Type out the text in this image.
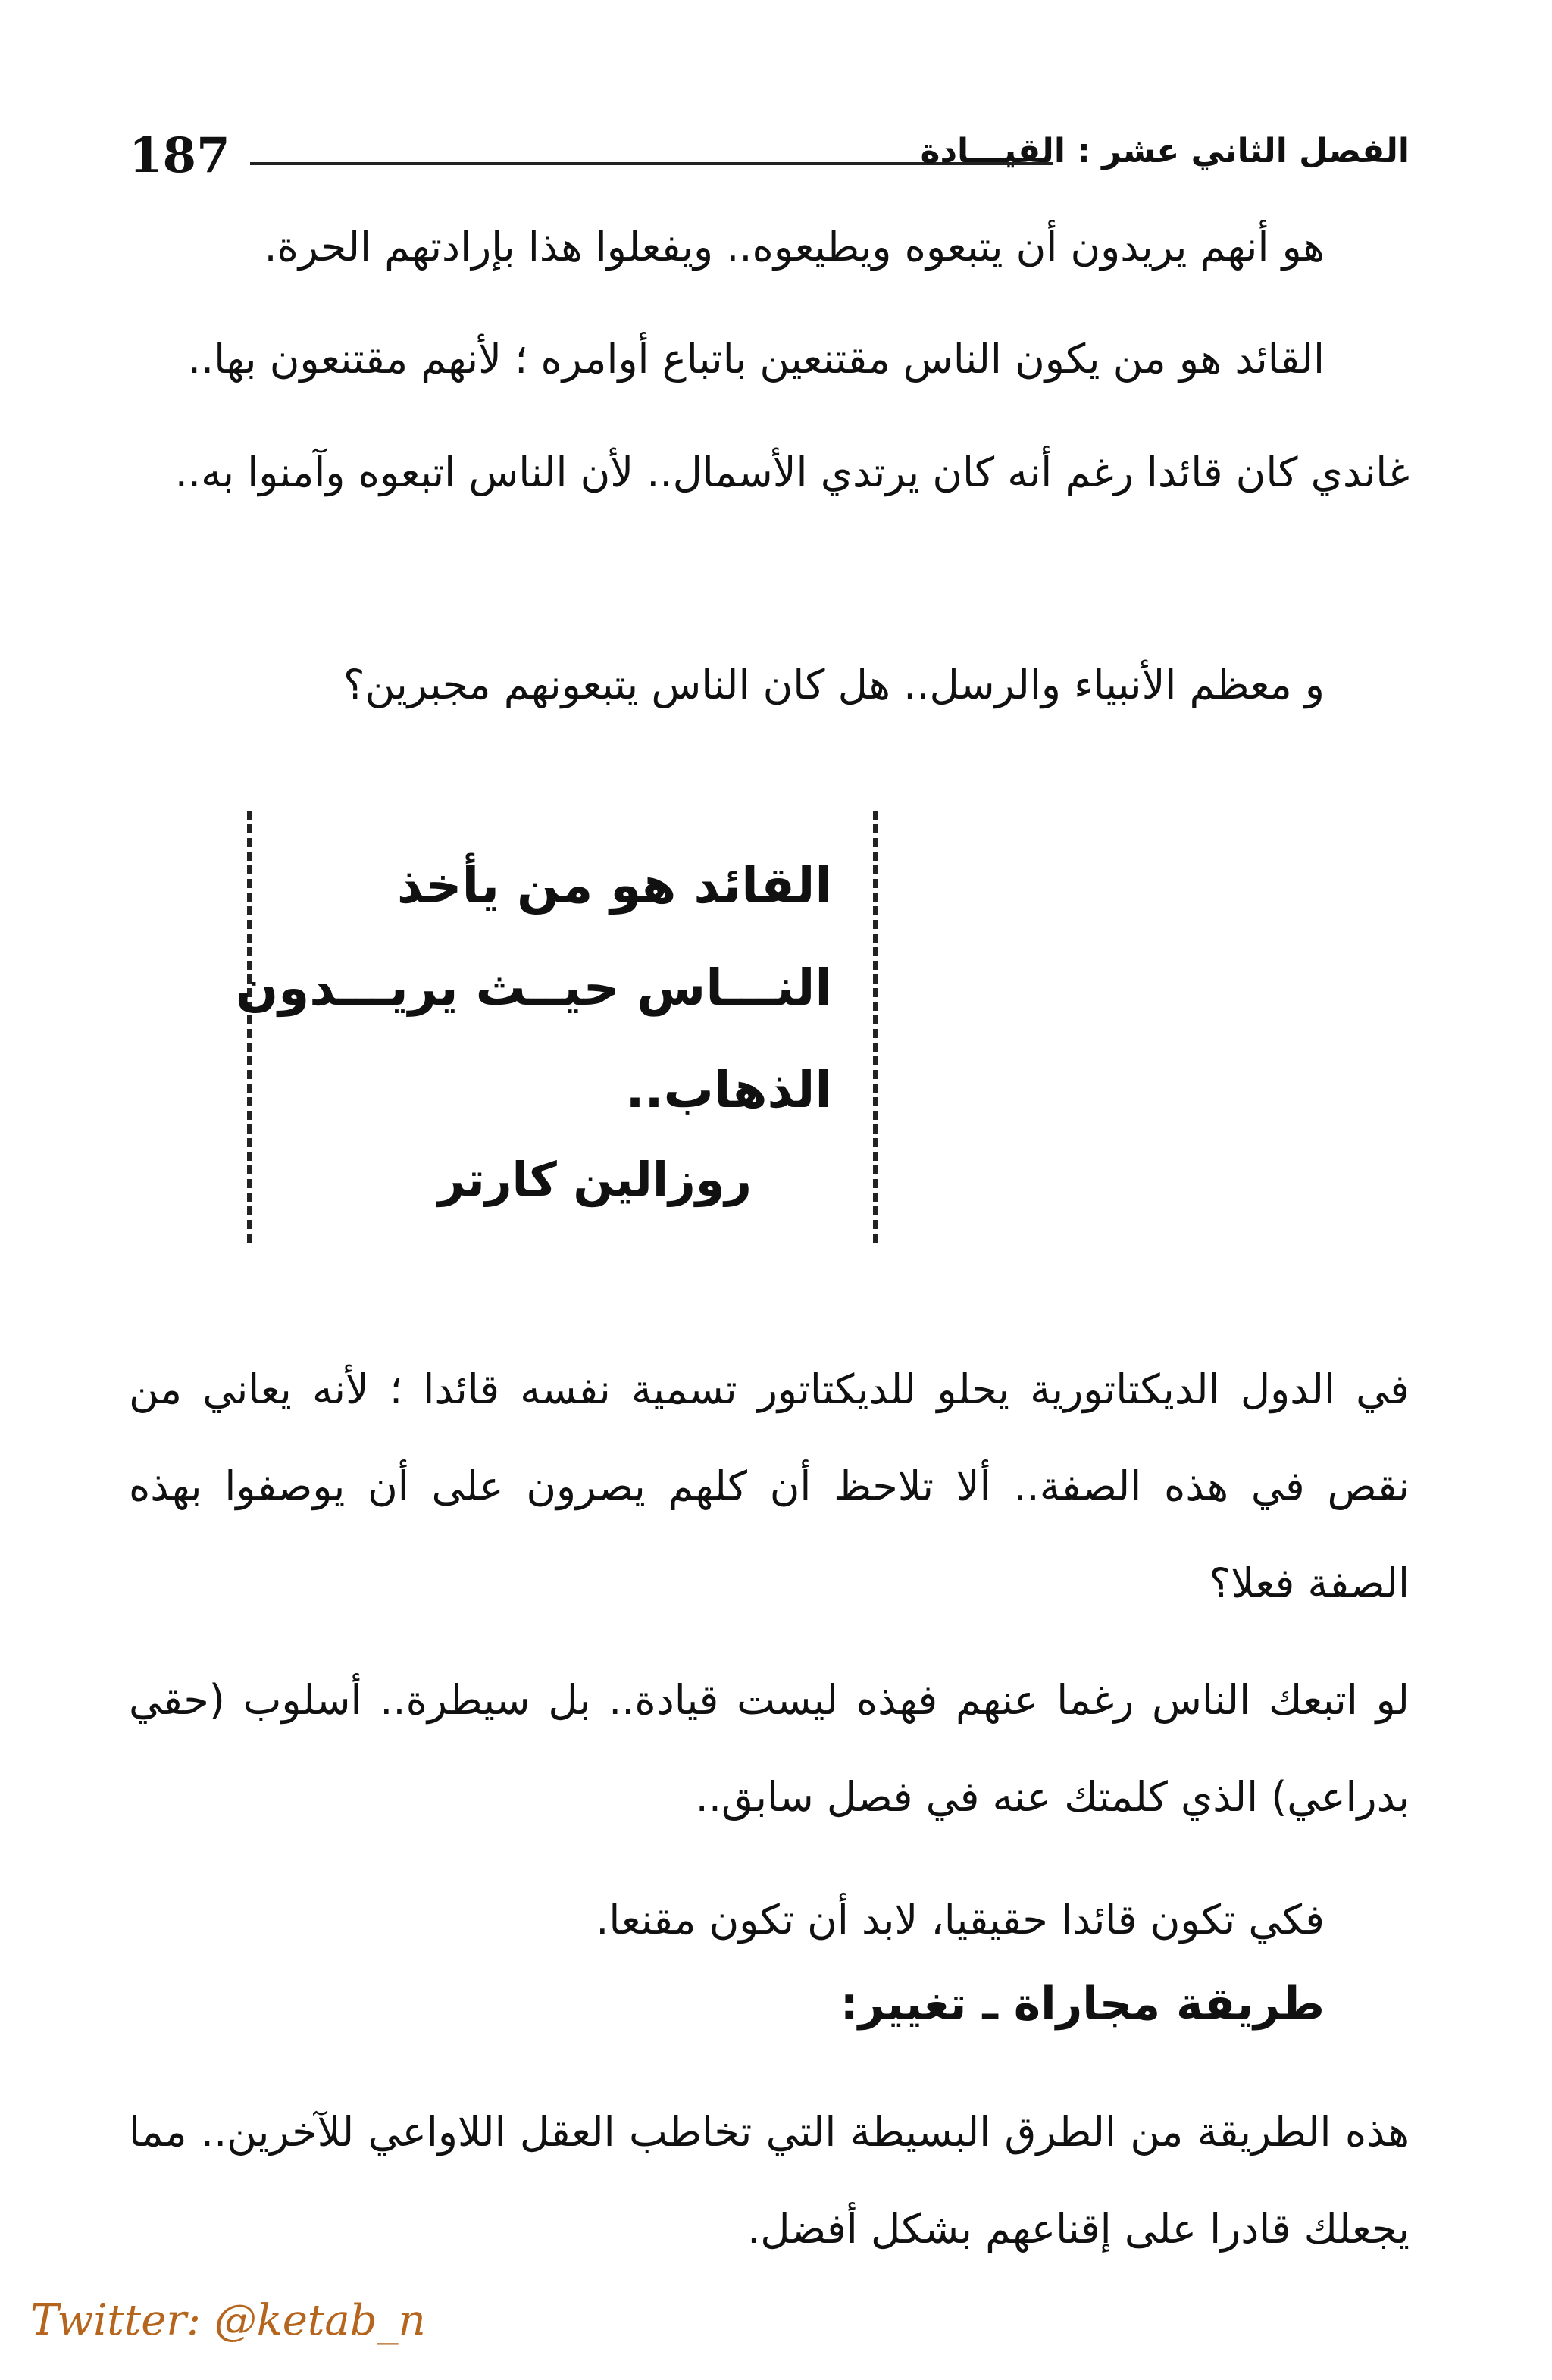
187	الفصل الثاني عشر : القيـــادة

هو أنهم يريدون أن يتبعوه ويطيعوه.. ويفعلوا هذا بإرادتهم الحرة.

القائد هو من يكون الناس مقتنعين باتباع أوامره ؛ لأنهم مقتنعون بها..

غاندي كان قائدا رغم أنه كان يرتدي الأسمال.. لأن الناس اتبعوه وآمنوا به..

و معظم الأنبياء والرسل.. هل كان الناس يتبعونهم مجبرين؟

القائد هو من يأخذ
النـــاس حيــث يريـــدون
الذهاب..
روزالين كارتر

في الدول الديكتاتورية يحلو للديكتاتور تسمية نفسه قائدا ؛ لأنه يعاني من نقص في هذه الصفة.. ألا تلاحظ أن كلهم يصرون على أن يوصفوا بهذه الصفة فعلا؟

لو اتبعك الناس رغما عنهم فهذه ليست قيادة.. بل سيطرة.. أسلوب (حقي بدراعي) الذي كلمتك عنه في فصل سابق..

فكي تكون قائدا حقيقيا، لابد أن تكون مقنعا.

طريقة مجاراة ـ تغيير:

هذه الطريقة من الطرق البسيطة التي تخاطب العقل اللاواعي للآخرين.. مما يجعلك قادرا على إقناعهم بشكل أفضل.

Twitter: @ketab_n
